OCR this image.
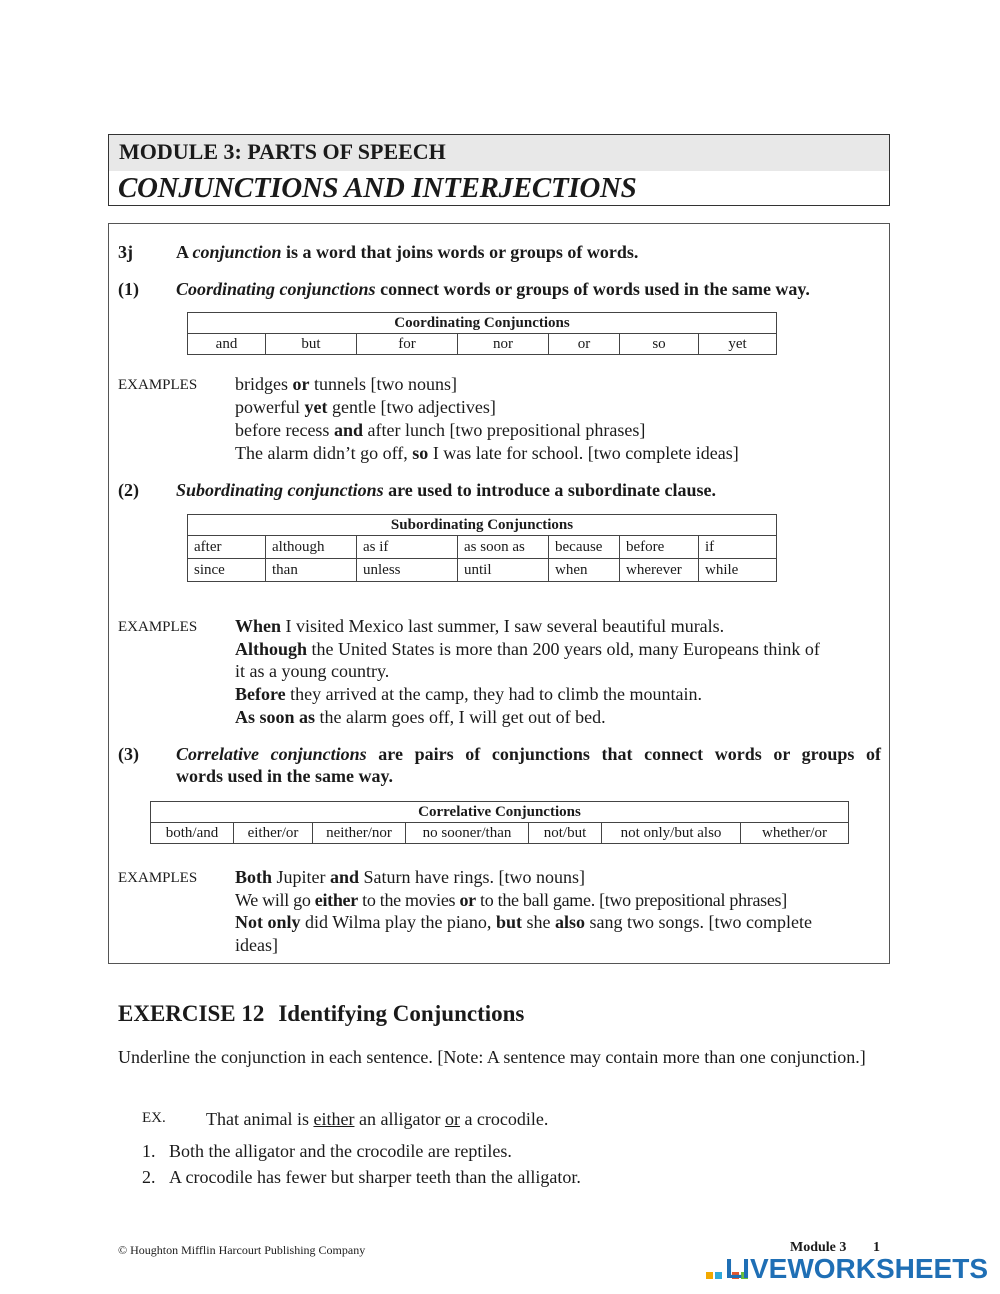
MODULE 3: PARTS OF SPEECH
CONJUNCTIONS AND INTERJECTIONS
3j A conjunction is a word that joins words or groups of words.
(1) Coordinating conjunctions connect words or groups of words used in the same way.
Coordinating Conjunctions
and	but	for	nor	or	so	yet
EXAMPLES bridges or tunnels [two nouns]
powerful yet gentle [two adjectives]
before recess and after lunch [two prepositional phrases]
The alarm didn’t go off, so I was late for school. [two complete ideas]
(2) Subordinating conjunctions are used to introduce a subordinate clause.
Subordinating Conjunctions						
after	although	as if	as soon as	because	before	if
since	than	unless	until	when	wherever	while
EXAMPLES When I visited Mexico last summer, I saw several beautiful murals.
Although the United States is more than 200 years old, many Europeans think of
it as a young country.
Before they arrived at the camp, they had to climb the mountain.
As soon as the alarm goes off, I will get out of bed.
(3) Correlative conjunctions are pairs of conjunctions that connect words or groups of
words used in the same way.
Correlative Conjunctions
both/and	either/or	neither/nor	no sooner/than	not/but	not only/but also	whether/or
EXAMPLES Both Jupiter and Saturn have rings. [two nouns]
We will go either to the movies or to the ball game. [two prepositional phrases]
Not only did Wilma play the piano, but she also sang two songs. [two complete
ideas]
EXERCISE 12 Identifying Conjunctions
Underline the conjunction in each sentence. [Note: A sentence may contain more than one conjunction.]
EX. That animal is either an alligator or a crocodile.
1. Both the alligator and the crocodile are reptiles.
2. A crocodile has fewer but sharper teeth than the alligator.
© Houghton Mifflin Harcourt Publishing Company	Module 3 1
LIVEWORKSHEETS
